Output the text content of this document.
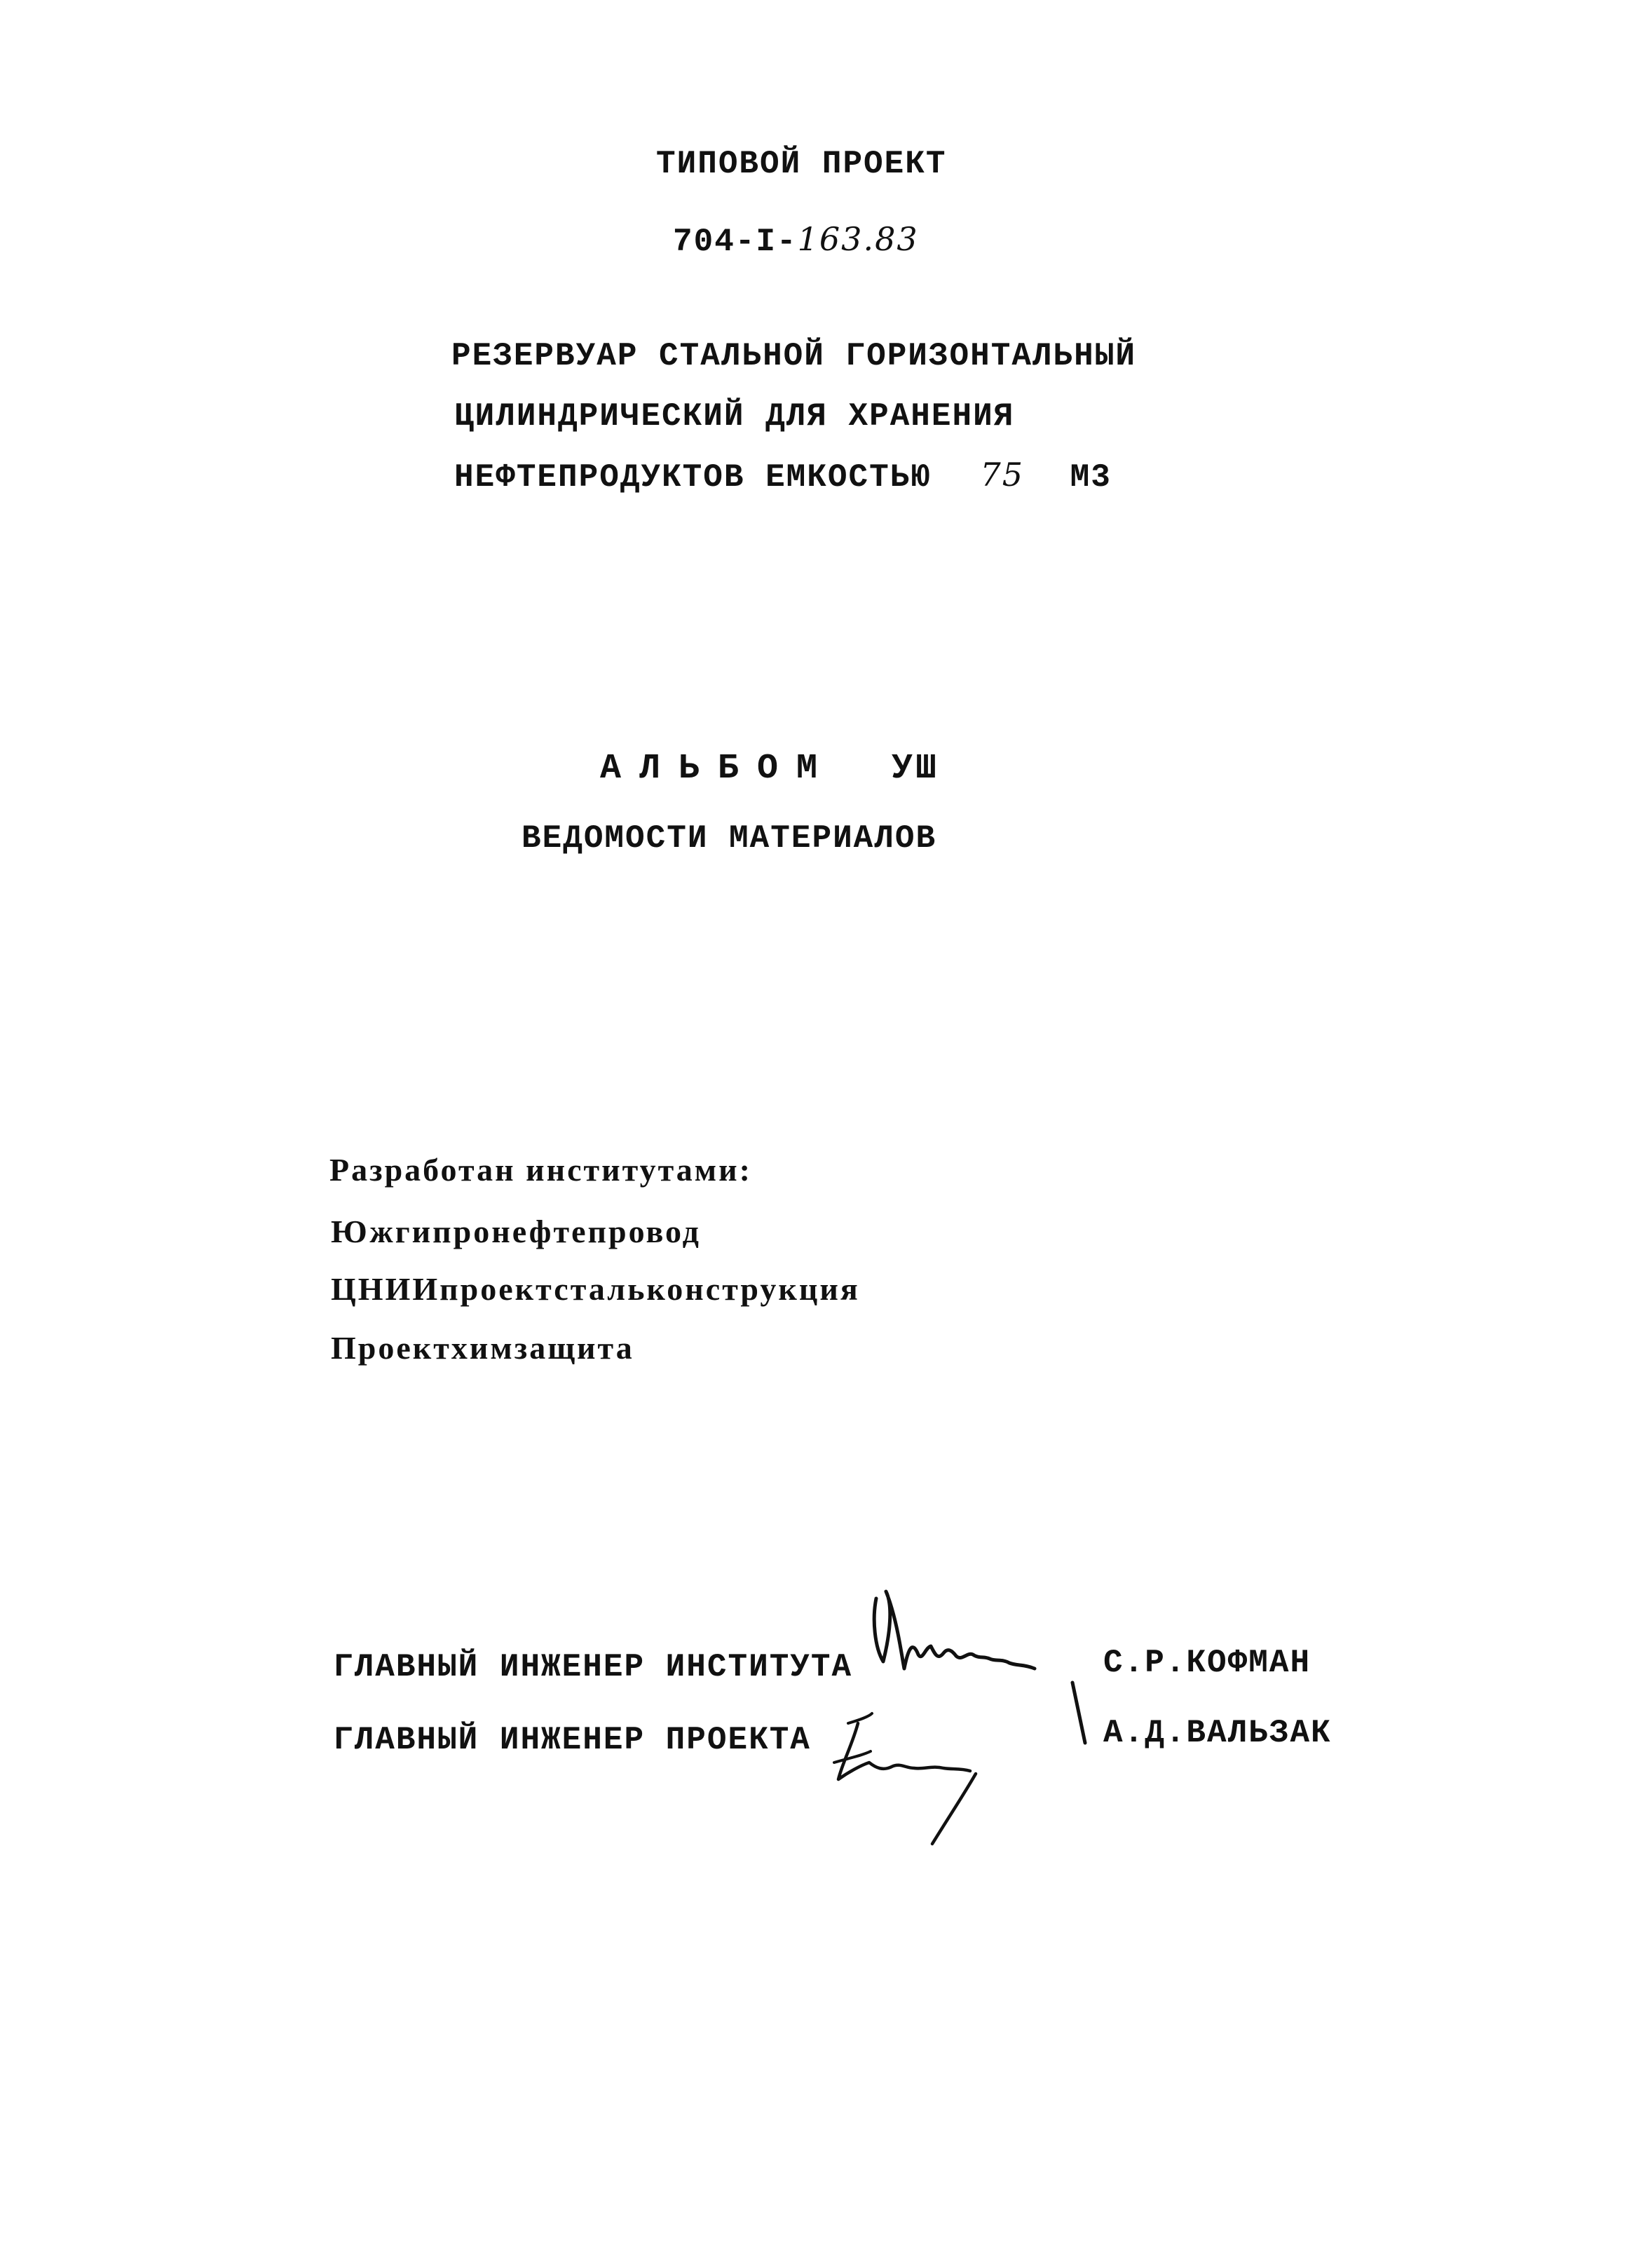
ТИПОВОЙ ПРОЕКТ
704-I-163.83
РЕЗЕРВУАР СТАЛЬНОЙ ГОРИЗОНТАЛЬНЫЙ
ЦИЛИНДРИЧЕСКИЙ ДЛЯ ХРАНЕНИЯ
НЕФТЕПРОДУКТОВ ЕМКОСТЬЮ 75 М3
АЛЬБОМ УШ
ВЕДОМОСТИ МАТЕРИАЛОВ
Разработан институтами:
Южгипронефтепровод
ЦНИИпроектстальконструкция
Проектхимзащита
ГЛАВНЫЙ ИНЖЕНЕР ИНСТИТУТА	С.Р.КОФМАН
ГЛАВНЫЙ ИНЖЕНЕР ПРОЕКТА	А.Д.ВАЛЬЗАК
